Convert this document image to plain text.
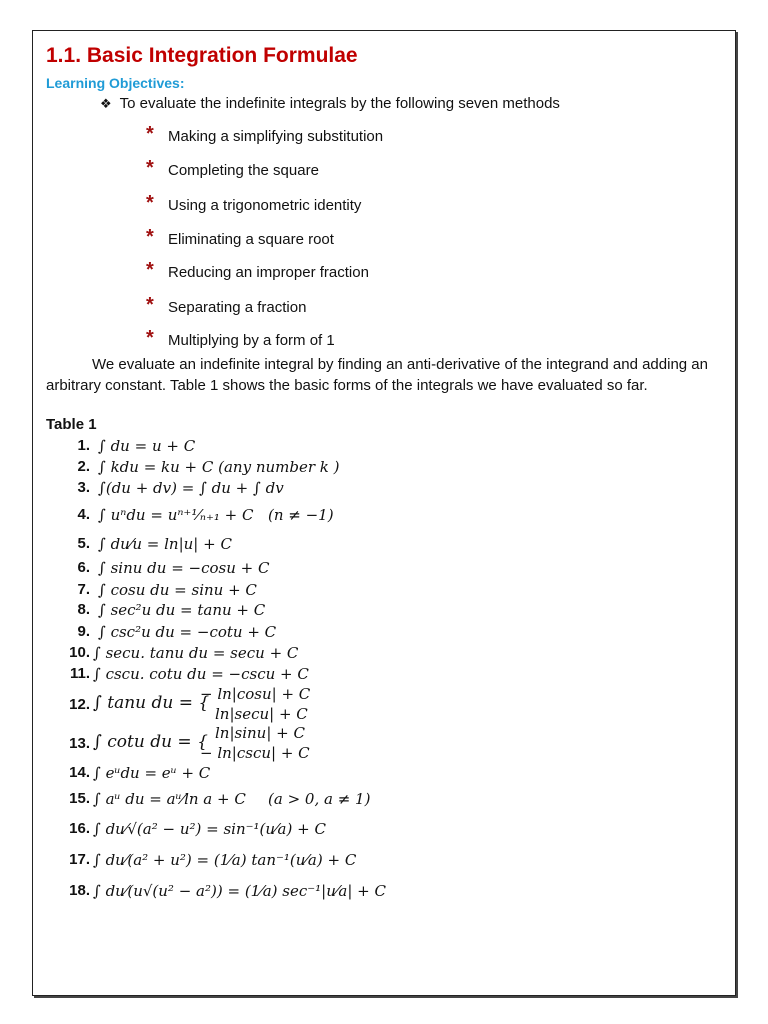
1.1. Basic Integration Formulae
Learning Objectives:
❖ To evaluate the indefinite integrals by the following seven methods
* Making a simplifying substitution
* Completing the square
* Using a trigonometric identity
* Eliminating a square root
* Reducing an improper fraction
* Separating a fraction
* Multiplying by a form of 1
We evaluate an indefinite integral by finding an anti-derivative of the integrand and adding an arbitrary constant. Table 1 shows the basic forms of the integrals we have evaluated so far.
Table 1
1. ∫ du = u + C
2. ∫ kdu = ku + C (any number k )
3. ∫(du + dv) = ∫ du + ∫ dv
4. ∫ uⁿdu = uⁿ⁺¹⁄ₙ₊₁ + C (n ≠ −1)
5. ∫ du⁄u = ln|u| + C
6. ∫ sinu du = −cosu + C
7. ∫ cosu du = sinu + C
8. ∫ sec²u du = tanu + C
9. ∫ csc²u du = −cotu + C
10. ∫ secu. tanu du = secu + C
11. ∫ cscu. cotu du = −cscu + C
12. ∫ tanu du = {
− ln|cosu| + C
ln|secu| + C
13. ∫ cotu du = { ln|sinu| + C
− ln|cscu| + C
14. ∫ eᵘdu = eᵘ + C
15. ∫ aᵘ du = aᵘ⁄ln a + C (a > 0, a ≠ 1)
16. ∫ du⁄√(a² − u²) = sin⁻¹(u⁄a) + C
17. ∫ du⁄(a² + u²) = (1⁄a) tan⁻¹(u⁄a) + C
18. ∫ du⁄(u√(u² − a²)) = (1⁄a) sec⁻¹|u⁄a| + C
